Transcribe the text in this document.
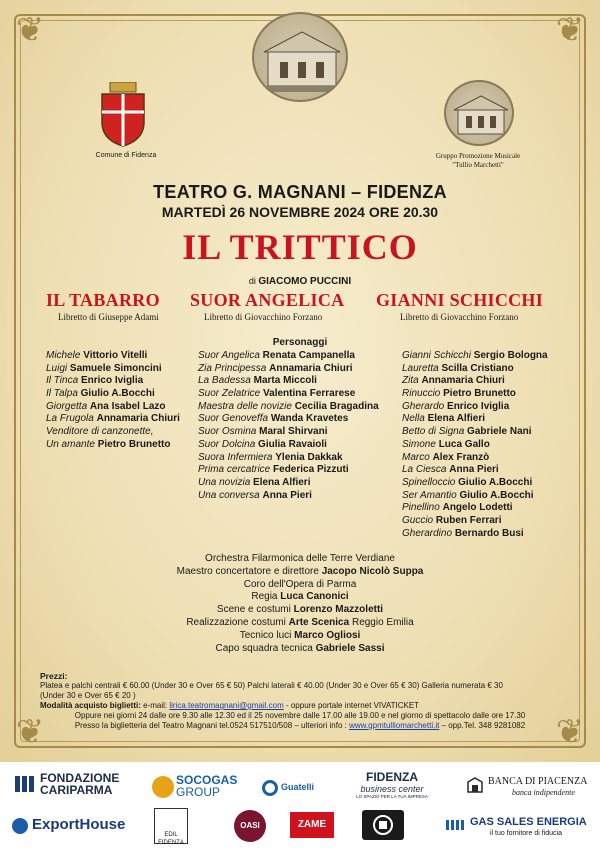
❦	❦
❦	❦
Comune di Fidenza	Gruppo Promozione Musicale
"Tullio Marchetti"
TEATRO G. MAGNANI – FIDENZA
MARTEDÌ 26 NOVEMBRE 2024 ORE 20.30
IL TRITTICO
di GIACOMO PUCCINI
IL TABARRO SUOR ANGELICA GIANNI SCHICCHI
Libretto di Giuseppe Adami	Libretto di Giovacchino Forzano	Libretto di Giovacchino Forzano
Personaggi
Michele Vittorio Vitelli
Luigi Samuele Simoncini
Il Tinca Enrico Iviglia
Il Talpa Giulio A.Bocchi
Giorgetta Ana Isabel Lazo
La Frugola Annamaria Chiuri
Venditore di canzonette,
Un amante Pietro Brunetto
Suor Angelica Renata Campanella
Zia Principessa Annamaria Chiuri
La Badessa Marta Miccoli
Suor Zelatrice Valentina Ferrarese
Maestra delle novizie Cecilia Bragadina
Suor Genoveffa Wanda Kravetes
Suor Osmina Maral Shirvani
Suor Dolcina Giulia Ravaioli
Suora Infermiera Ylenia Dakkak
Prima cercatrice Federica Pizzuti
Una novizia Elena Alfieri
Una conversa Anna Pieri
Gianni Schicchi Sergio Bologna
Lauretta Scilla Cristiano
Zita Annamaria Chiuri
Rinuccio Pietro Brunetto
Gherardo Enrico Iviglia
Nella Elena Alfieri
Betto di Signa Gabriele Nani
Simone Luca Gallo
Marco Alex Franzò
La Ciesca Anna Pieri
Spinelloccio Giulio A.Bocchi
Ser Amantio Giulio A.Bocchi
Pinellino Angelo Lodetti
Guccio Ruben Ferrari
Gherardino Bernardo Busi
Orchestra Filarmonica delle Terre Verdiane
Maestro concertatore e direttore Jacopo Nicolò Suppa
Coro dell'Opera di Parma
Regia Luca Canonici
Scene e costumi Lorenzo Mazzoletti
Realizzazione costumi Arte Scenica Reggio Emilia
Tecnico luci Marco Ogliosi
Capo squadra tecnica Gabriele Sassi
Prezzi:
Platea e palchi centrali € 60.00 (Under 30 e Over 65 € 50) Palchi laterali € 40.00 (Under 30 e Over 65 € 30) Galleria numerata € 30
(Under 30 e Over 65 € 20 )
Modalità acquisto biglietti: e-mail: lirica.teatromagnani@gmail.com - oppure portale internet VIVATICKET
Oppure nei giorni 24 dalle ore 9.30 alle 12.30 ed il 25 novembre dalle 17.00 alle 19.00 e nel giorno di spettacolo dalle ore 17.30
Presso la biglietteria del Teatro Magnani tel.0524 517510/508 – ulteriori info : www.gpmtulliomarchetti.it – opp.Tel. 348 9281082
FONDAZIONE
CARIPARMA
SOCOGAS
GROUP	Guatelli
FIDENZA
business center
LO SPAZIO PER LA TUA IMPRESA
BANCA DI PIACENZA
banca indipendente
ExportHouse
EDIL
FIDENZA
OASI	ZAME	GAS SALES ENERGIA
il tuo fornitore di fiducia
